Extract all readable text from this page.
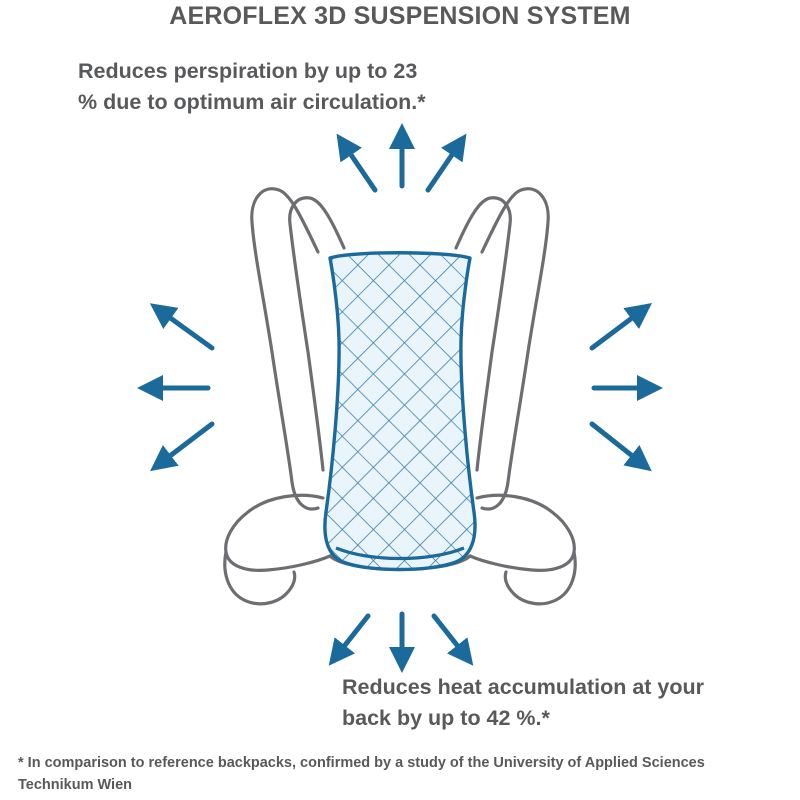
AEROFLEX 3D SUSPENSION SYSTEM
Reduces perspiration by up to 23 % due to optimum air circulation.*
Reduces heat accumulation at your back by up to 42 %.*
* In comparison to reference backpacks, confirmed by a study of the University of Applied Sciences Technikum Wien
